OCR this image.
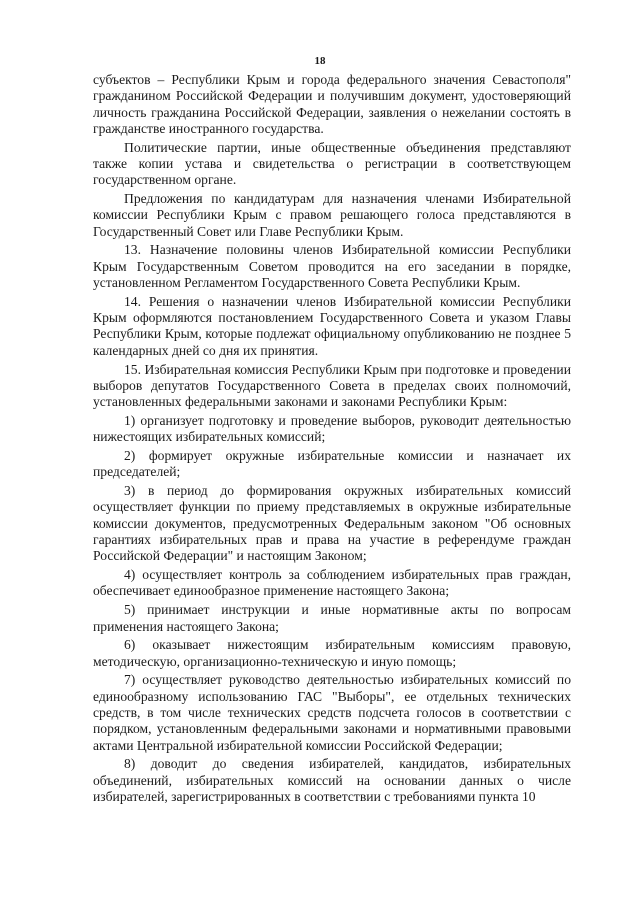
18

субъектов – Республики Крым и города федерального значения Севастополя" гражданином Российской Федерации и получившим документ, удостоверяющий личность гражданина Российской Федерации, заявления о нежелании состоять в гражданстве иностранного государства.

Политические партии, иные общественные объединения представляют также копии устава и свидетельства о регистрации в соответствующем государственном органе.

Предложения по кандидатурам для назначения членами Избирательной комиссии Республики Крым с правом решающего голоса представляются в Государственный Совет или Главе Республики Крым.

13. Назначение половины членов Избирательной комиссии Республики Крым Государственным Советом проводится на его заседании в порядке, установленном Регламентом Государственного Совета Республики Крым.

14. Решения о назначении членов Избирательной комиссии Республики Крым оформляются постановлением Государственного Совета и указом Главы Республики Крым, которые подлежат официальному опубликованию не позднее 5 календарных дней со дня их принятия.

15. Избирательная комиссия Республики Крым при подготовке и проведении выборов депутатов Государственного Совета в пределах своих полномочий, установленных федеральными законами и законами Республики Крым:

1) организует подготовку и проведение выборов, руководит деятельностью нижестоящих избирательных комиссий;

2) формирует окружные избирательные комиссии и назначает их председателей;

3) в период до формирования окружных избирательных комиссий осуществляет функции по приему представляемых в окружные избирательные комиссии документов, предусмотренных Федеральным законом "Об основных гарантиях избирательных прав и права на участие в референдуме граждан Российской Федерации" и настоящим Законом;

4) осуществляет контроль за соблюдением избирательных прав граждан, обеспечивает единообразное применение настоящего Закона;

5) принимает инструкции и иные нормативные акты по вопросам применения настоящего Закона;

6) оказывает нижестоящим избирательным комиссиям правовую, методическую, организационно-техническую и иную помощь;

7) осуществляет руководство деятельностью избирательных комиссий по единообразному использованию ГАС "Выборы", ее отдельных технических средств, в том числе технических средств подсчета голосов в соответствии с порядком, установленным федеральными законами и нормативными правовыми актами Центральной избирательной комиссии Российской Федерации;

8) доводит до сведения избирателей, кандидатов, избирательных объединений, избирательных комиссий на основании данных о числе избирателей, зарегистрированных в соответствии с требованиями пункта 10
